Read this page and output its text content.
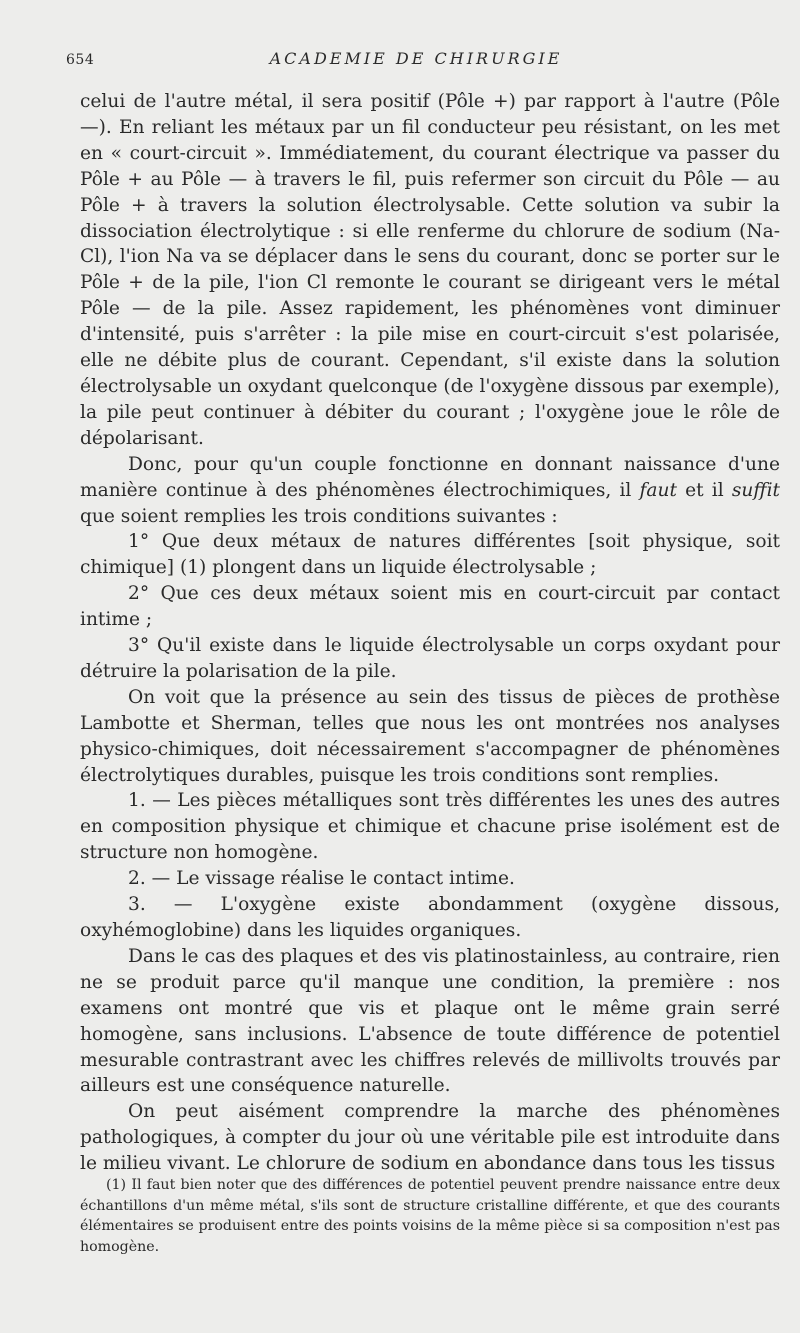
654	ACADEMIE DE CHIRURGIE

celui de l'autre métal, il sera positif (Pôle +) par rapport à l'autre (Pôle —). En reliant les métaux par un fil conducteur peu résistant, on les met en « court-circuit ». Immédiatement, du courant électrique va passer du Pôle + au Pôle — à travers le fil, puis refermer son circuit du Pôle — au Pôle + à travers la solution électrolysable. Cette solution va subir la dissociation électrolytique : si elle renferme du chlorure de sodium (Na-Cl), l'ion Na va se déplacer dans le sens du courant, donc se porter sur le Pôle + de la pile, l'ion Cl remonte le courant se dirigeant vers le métal Pôle — de la pile. Assez rapidement, les phénomènes vont diminuer d'intensité, puis s'arrêter : la pile mise en court-circuit s'est polarisée, elle ne débite plus de courant. Cependant, s'il existe dans la solution électrolysable un oxydant quelconque (de l'oxygène dissous par exemple), la pile peut continuer à débiter du courant ; l'oxygène joue le rôle de dépolarisant.

Donc, pour qu'un couple fonctionne en donnant naissance d'une manière continue à des phénomènes électrochimiques, il faut et il suffit que soient remplies les trois conditions suivantes :

1° Que deux métaux de natures différentes [soit physique, soit chimique] (1) plongent dans un liquide électrolysable ;

2° Que ces deux métaux soient mis en court-circuit par contact intime ;

3° Qu'il existe dans le liquide électrolysable un corps oxydant pour détruire la polarisation de la pile.

On voit que la présence au sein des tissus de pièces de prothèse Lambotte et Sherman, telles que nous les ont montrées nos analyses physico-chimiques, doit nécessairement s'accompagner de phénomènes électrolytiques durables, puisque les trois conditions sont remplies.

1. — Les pièces métalliques sont très différentes les unes des autres en composition physique et chimique et chacune prise isolément est de structure non homogène.

2. — Le vissage réalise le contact intime.

3. — L'oxygène existe abondamment (oxygène dissous, oxyhémoglobine) dans les liquides organiques.

Dans le cas des plaques et des vis platinostainless, au contraire, rien ne se produit parce qu'il manque une condition, la première : nos examens ont montré que vis et plaque ont le même grain serré homogène, sans inclusions. L'absence de toute différence de potentiel mesurable contrastrant avec les chiffres relevés de millivolts trouvés par ailleurs est une conséquence naturelle.

On peut aisément comprendre la marche des phénomènes pathologiques, à compter du jour où une véritable pile est introduite dans le milieu vivant. Le chlorure de sodium en abondance dans tous les tissus

(1) Il faut bien noter que des différences de potentiel peuvent prendre naissance entre deux échantillons d'un même métal, s'ils sont de structure cristalline différente, et que des courants élémentaires se produisent entre des points voisins de la même pièce si sa composition n'est pas homogène.
